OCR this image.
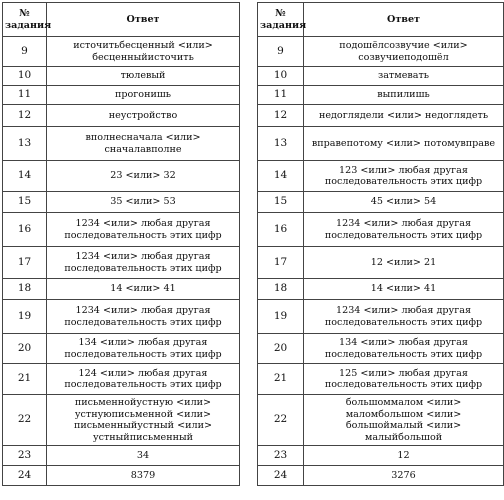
№
задания	Ответ
9	источитьбесценный <или>
бесценныйисточить

10	тюлевый

11	прогонишь

12	неустройство

13	вполнесначала <или>
сначалавполне

14	23 <или> 32

15	35 <или> 53

16	1234 <или> любая другая
последовательность этих цифр

17	1234 <или> любая другая
последовательность этих цифр

18	14 <или> 41

19	1234 <или> любая другая
последовательность этих цифр

20	134 <или> любая другая
последовательность этих цифр

21	124 <или> любая другая
последовательность этих цифр

22	письменнойустную <или>
устнуюписьменной <или>
письменныйустный <или>
устныйписьменный

23	34

24	8379
№
задания	Ответ
9	подошёлсозвучие <или>
созвучиеподошёл

10	затмевать

11	выпилишь

12	недоглядели <или> недоглядеть

13	вправепотому <или> потомувправе

14	123 <или> любая другая
последовательность этих цифр

15	45 <или> 54

16	1234 <или> любая другая
последовательность этих цифр

17	12 <или> 21

18	14 <или> 41

19	1234 <или> любая другая
последовательность этих цифр

20	134 <или> любая другая
последовательность этих цифр

21	125 <или> любая другая
последовательность этих цифр

22	большоммалом <или>
маломбольшом <или>
большоймалый <или>
малыйбольшой

23	12

24	3276
